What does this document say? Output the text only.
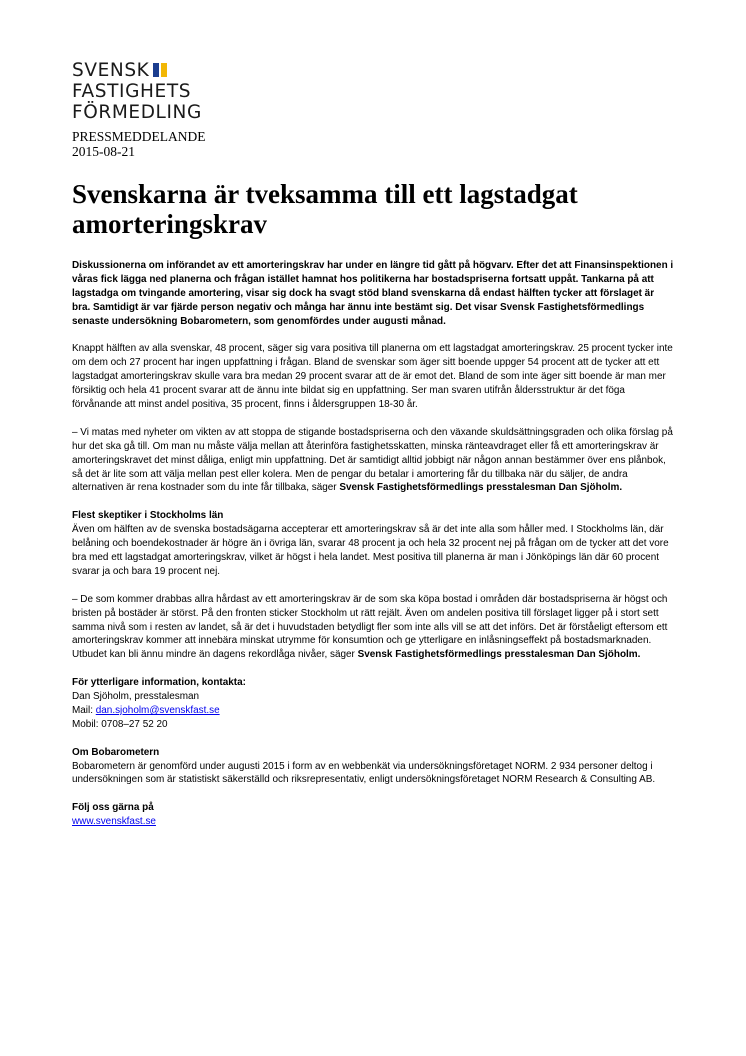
SVENSK
FASTIGHETS
FÖRMEDLING
PRESSMEDDELANDE
2015-08-21
Svenskarna är tveksamma till ett lagstadgat amorteringskrav

Diskussionerna om införandet av ett amorteringskrav har under en längre tid gått på högvarv. Efter det att Finansinspektionen i våras fick lägga ned planerna och frågan istället hamnat hos politikerna har bostadspriserna fortsatt uppåt. Tankarna på att lagstadga om tvingande amortering, visar sig dock ha svagt stöd bland svenskarna då endast hälften tycker att förslaget är bra. Samtidigt är var fjärde person negativ och många har ännu inte bestämt sig. Det visar Svensk Fastighetsförmedlings senaste undersökning Bobarometern, som genomfördes under augusti månad.

Knappt hälften av alla svenskar, 48 procent, säger sig vara positiva till planerna om ett lagstadgat amorteringskrav. 25 procent tycker inte om dem och 27 procent har ingen uppfattning i frågan. Bland de svenskar som äger sitt boende uppger 54 procent att de tycker att ett lagstadgat amorteringskrav skulle vara bra medan 29 procent svarar att de är emot det. Bland de som inte äger sitt boende är man mer försiktig och hela 41 procent svarar att de ännu inte bildat sig en uppfattning. Ser man svaren utifrån åldersstruktur är det föga förvånande att minst andel positiva, 35 procent, finns i åldersgruppen 18-30 år.

– Vi matas med nyheter om vikten av att stoppa de stigande bostadspriserna och den växande skuldsättningsgraden och olika förslag på hur det ska gå till. Om man nu måste välja mellan att återinföra fastighetsskatten, minska ränteavdraget eller få ett amorteringskrav är amorteringskravet det minst dåliga, enligt min uppfattning. Det är samtidigt alltid jobbigt när någon annan bestämmer över ens plånbok, så det är lite som att välja mellan pest eller kolera. Men de pengar du betalar i amortering får du tillbaka när du säljer, de andra alternativen är rena kostnader som du inte får tillbaka, säger Svensk Fastighetsförmedlings presstalesman Dan Sjöholm.

Flest skeptiker i Stockholms län
Även om hälften av de svenska bostadsägarna accepterar ett amorteringskrav så är det inte alla som håller med. I Stockholms län, där belåning och boendekostnader är högre än i övriga län, svarar 48 procent ja och hela 32 procent nej på frågan om de tycker att det vore bra med ett lagstadgat amorteringskrav, vilket är högst i hela landet. Mest positiva till planerna är man i Jönköpings län där 60 procent svarar ja och bara 19 procent nej.

– De som kommer drabbas allra hårdast av ett amorteringskrav är de som ska köpa bostad i områden där bostadspriserna är högst och bristen på bostäder är störst. På den fronten sticker Stockholm ut rätt rejält. Även om andelen positiva till förslaget ligger på i stort sett samma nivå som i resten av landet, så är det i huvudstaden betydligt fler som inte alls vill se att det införs. Det är förståeligt eftersom ett amorteringskrav kommer att innebära minskat utrymme för konsumtion och ge ytterligare en inlåsningseffekt på bostadsmarknaden. Utbudet kan bli ännu mindre än dagens rekordlåga nivåer, säger Svensk Fastighetsförmedlings presstalesman Dan Sjöholm.

För ytterligare information, kontakta:
Dan Sjöholm, presstalesman
Mail: dan.sjoholm@svenskfast.se
Mobil: 0708–27 52 20

Om Bobarometern
Bobarometern är genomförd under augusti 2015 i form av en webbenkät via undersökningsföretaget NORM. 2 934 personer deltog i undersökningen som är statistiskt säkerställd och riksrepresentativ, enligt undersökningsföretaget NORM Research & Consulting AB.

Följ oss gärna på
www.svenskfast.se
